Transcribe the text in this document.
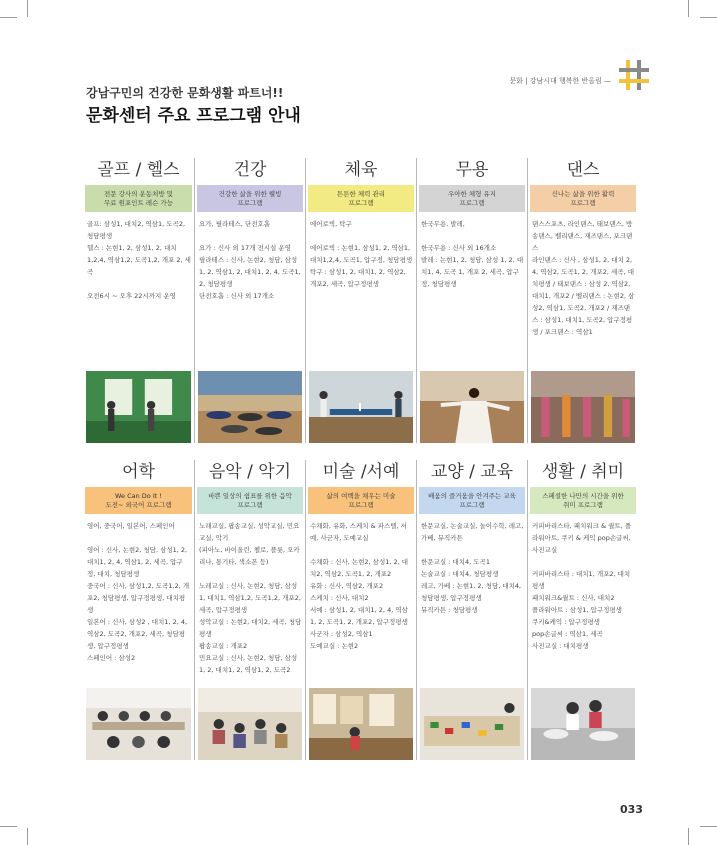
문화 | 강남시대 행복한 반올림 —
강남구민의 건강한 문화생활 파트너!!
문화센터 주요 프로그램 안내
골프 / 헬스
전문 강사의 운동처방 및
무료 원포인트 레슨 가능
골프: 삼성1, 대치2, 역삼1, 도곡2, 청담평생
헬스 : 논현1, 2, 삼성1, 2, 대치 1,2,4, 역삼1,2, 도곡1,2, 개포 2, 세곡

오전6시 ~ 오후 22시까지 운영
건강
건강한 삶을 위한 웰빙
프로그램
요가, 필라테스, 단전호흡

요가 : 신사 외 17개 전시설 운영
필라테스 : 신사, 논현2, 청담, 삼성1, 2, 역삼1, 2, 대치1, 2, 4, 도곡1, 2, 청담평생
단전호흡 : 신사 외 17개소
체육
튼튼한 체력 관리
프로그램
에어로빅, 탁구

에어로빅 : 논현1, 삼성1, 2, 역삼1, 대치1,2,4, 도곡1, 압구정, 청담평생
탁구 : 삼성1, 2, 대치1, 2, 역삼2, 개포2, 세곡, 압구정평생
무용
우아한 체형 유지
프로그램
한국무용, 발레,

한국무용 : 신사 외 16개소
발레 : 논현1, 2, 청담, 삼성 1, 2, 대치1, 4, 도곡 1, 개포 2, 세곡, 압구정, 청담평생
댄스
신나는 삶을 위한 활력
프로그램
댄스스포츠, 라인댄스, 태보댄스, 방송댄스, 벨리댄스, 재즈댄스, 포크댄스
라인댄스 : 신사 , 삼성1, 2, 대치 2, 4, 역삼2, 도곡1, 2, 개포2, 세곡, 대치평생 / 태보댄스 : 삼성 2, 역삼2, 대치1, 개포2 / 벨리댄스 : 논현2, 삼성2, 역삼1, 도곡2, 개포2 / 재즈댄스 : 삼성1, 대치1, 도곡2, 압구정평생 / 포크댄스 : 역삼1
어학
We Can Do It !
도전~ 외국어 프로그램
영어, 중국어, 일본어, 스페인어

영어 : 신사, 논현2, 청담, 삼성1, 2, 대치1, 2, 4, 역삼1, 2, 세곡, 압구정, 대치, 청담평생
중국어 : 신사, 삼성1,2, 도곡1,2, 개포2, 청담평생, 압구정평생, 대치평생
일본어 : 신사, 삼성2 , 대치1, 2, 4, 역삼2, 도곡2, 개포2, 세곡, 청담평생, 압구정평생
스페인어 : 삼성2
음악 / 악기
바쁜 일상의 쉼표를 위한 음악
프로그램
노래교실, 팝송교실, 성악교실, 민요교실, 악기
(피아노, 바이올린, 첼로, 플룻, 오카리나, 통기타, 색소폰 등)

노래교실 : 신사, 논현2, 청담, 삼성1, 대치1, 역삼1,2, 도곡1,2, 개포2, 세곡, 압구정평생
성악교실 : 논현2, 대치2, 세곡, 청담평생
팝송교실 : 개포2
민요교실 : 신사, 논현2, 청담, 삼성1, 2, 대치1, 2, 역삼1, 2, 도곡2
미술 /서예
삶의 여백을 채우는 미술
프로그램
수채화, 유화, 스케치 & 파스텔, 서예, 사군자, 도예교실

수채화 : 신사, 논현2, 삼성1, 2, 대치2, 역삼2, 도곡1, 2, 개포2
유화 : 신사, 역삼2, 개포2
스케치 : 신사, 대치2
서예 : 삼성1, 2, 대치1, 2, 4, 역삼 1, 2, 도곡1, 2, 개포2, 압구정평생
사군자 : 삼성2, 역삼1
도예교실 : 논현2
교양 / 교육
배움의 즐거움을 안겨주는 교육
프로그램
한문교실, 논술교실, 놀이수학, 레고, 가베, 뮤직카튼

한문교실 : 대치4, 도곡1
논술교실 : 대치4, 청담평생
레고, 가베 : 논현1, 2, 청담, 대치4, 청담평생, 압구정평생
뮤직카튼 : 청담평생
생활 / 취미
스페셜한 나만의 시간을 위한
취미 프로그램
커피바리스타, 패치워크 & 퀼트, 플라워아트, 쿠키 & 케익 pop손글씨, 사진교실

커피바리스타 : 대치1, 개포2, 대치평생
패치워크&퀼트 : 신사, 대치2
플라워아트 : 삼성1, 압구정평생
쿠키&케익 : 압구정평생
pop손글씨 : 역삼1, 세곡
사진교실 : 대치평생
033
